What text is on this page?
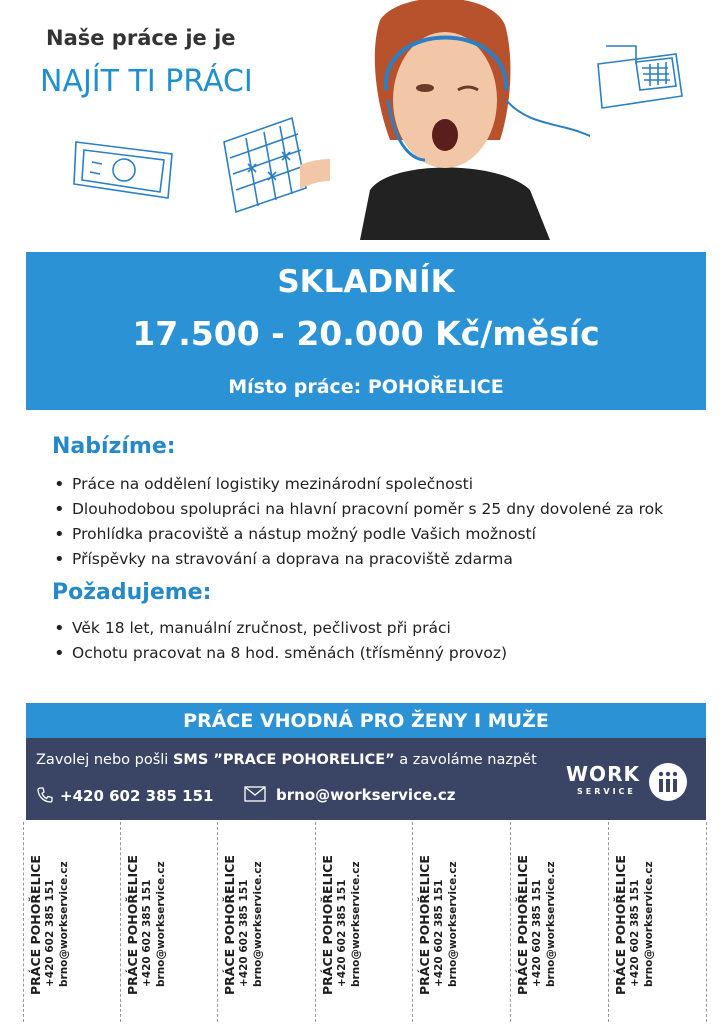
Naše práce je je
NAJÍT TI PRÁCI
SKLADNÍK
17.500 - 20.000 Kč/měsíc
Místo práce: POHOŘELICE
Nabízíme:
• Práce na oddělení logistiky mezinárodní společnosti
• Dlouhodobou spolupráci na hlavní pracovní poměr s 25 dny dovolené za rok
• Prohlídka pracoviště a nástup možný podle Vašich možností
• Příspěvky na stravování a doprava na pracoviště zdarma
Požadujeme:
• Věk 18 let, manuální zručnost, pečlivost při práci
• Ochotu pracovat na 8 hod. směnách (třísměnný provoz)
PRÁCE VHODNÁ PRO ŽENY I MUŽE
Zavolej nebo pošli SMS ”PRACE POHORELICE” a zavoláme nazpět
+420 602 385 151	brno@workservice.cz
WORK
SERVICE
PRÁCE POHOŘELICE +420 602 385 151 brno@workservice.cz	PRÁCE POHOŘELICE +420 602 385 151 brno@workservice.cz	PRÁCE POHOŘELICE +420 602 385 151 brno@workservice.cz	PRÁCE POHOŘELICE +420 602 385 151 brno@workservice.cz	PRÁCE POHOŘELICE +420 602 385 151 brno@workservice.cz	PRÁCE POHOŘELICE +420 602 385 151 brno@workservice.cz	PRÁCE POHOŘELICE +420 602 385 151 brno@workservice.cz
